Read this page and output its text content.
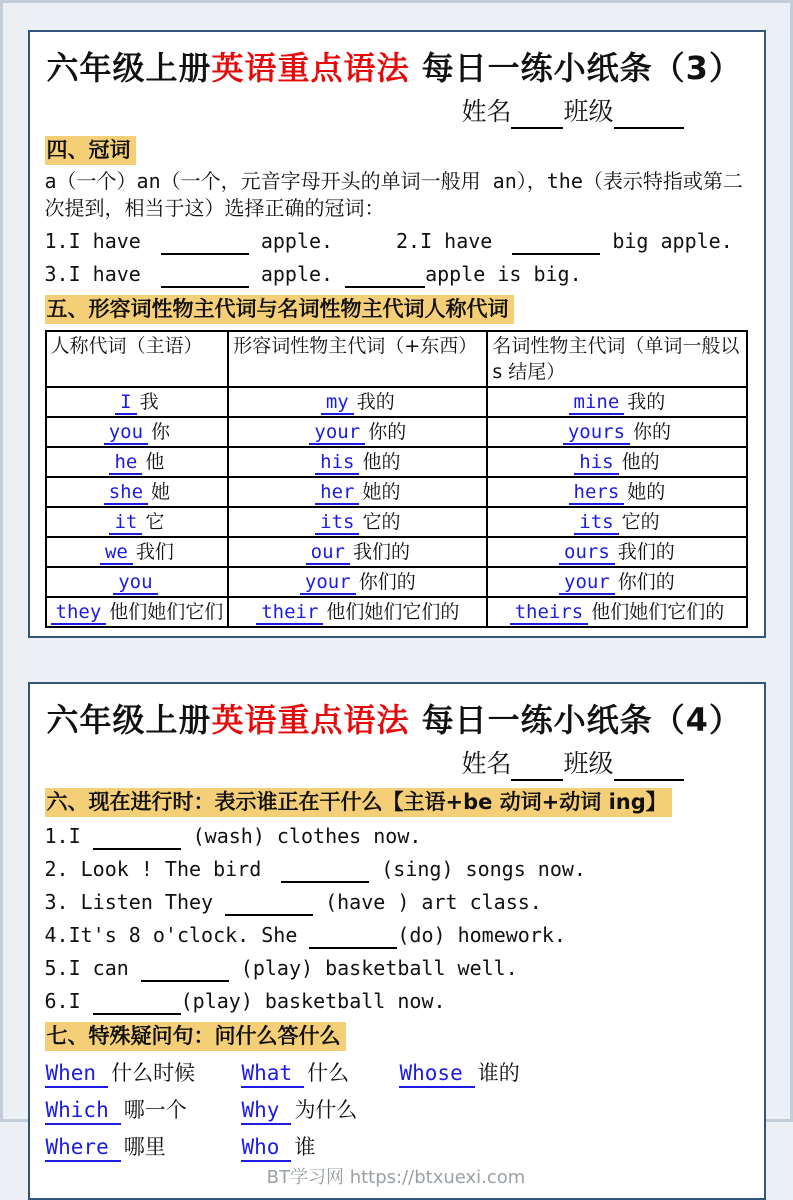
六年级上册英语重点语法 每日一练小纸条（3）
姓名 班级
四、冠词
a（一个）an（一个，元音字母开头的单词一般用 an），the（表示特指或第二次提到，相当于这）选择正确的冠词：
1.I have	apple.	2.I have	big apple.
3.I have	apple.	apple is big.
五、形容词性物主代词与名词性物主代词人称代词
人称代词（主语）	形容词性物主代词（+东西）	名词性物主代词（单词一般以 s 结尾）
I 我	my 我的	mine 我的
you 你	your 你的	yours 你的
he 他	his 他的	his 他的
she 她	her 她的	hers 她的
it 它	its 它的	its 它的
we 我们	our 我们的	ours 我们的
you	your 你们的	your 你们的
they 他们她们它们	their 他们她们它们的	theirs 他们她们它们的
六年级上册英语重点语法 每日一练小纸条（4）
姓名 班级
六、现在进行时：表示谁正在干什么【主语+be 动词+动词 ing】
1.I	(wash) clothes now.
2. Look ! The bird	(sing) songs now.
3. Listen They	(have ) art class.
4.It's 8 o'clock. She	(do) homework.
5.I can	(play) basketball well.
6.I	(play) basketball now.
七、特殊疑问句：问什么答什么
When 什么时候	What 什么	Whose 谁的
Which 哪一个	Why 为什么
Where 哪里	Who 谁
BT学习网 https://btxuexi.com
